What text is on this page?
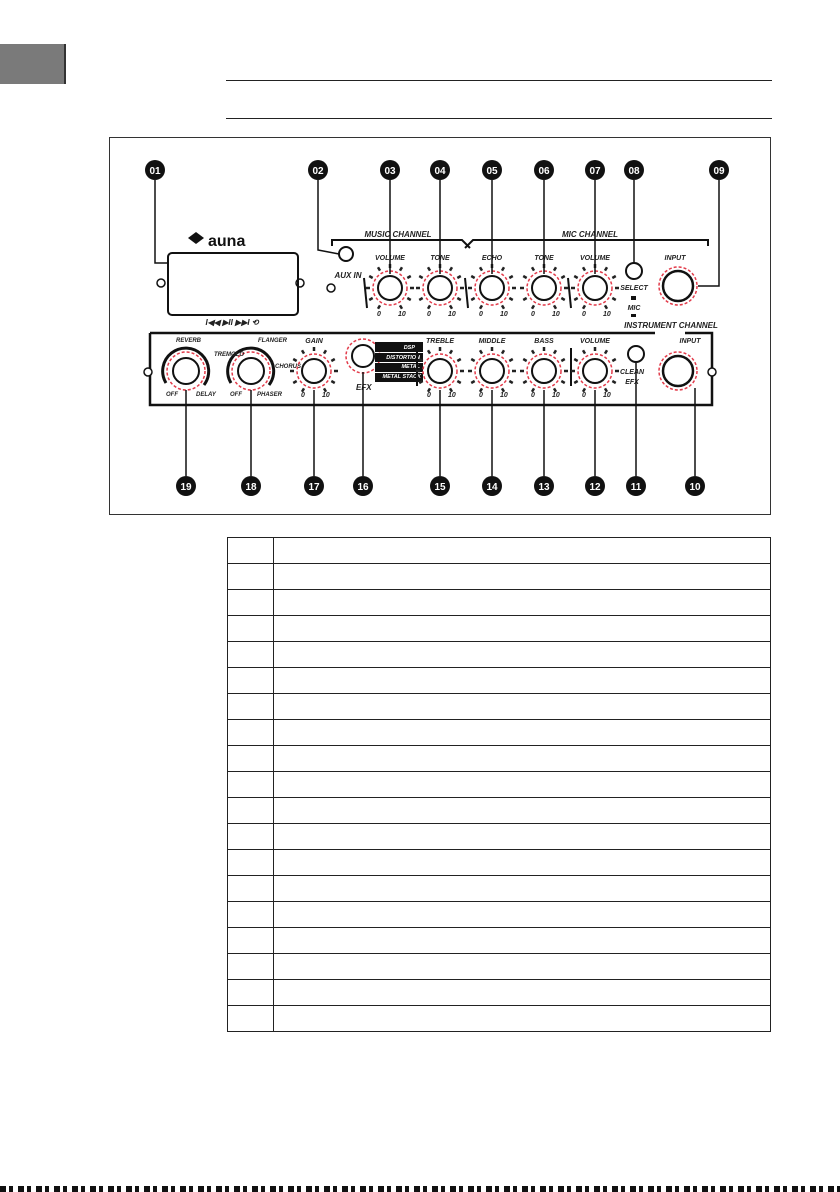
I◀◀ ▶II ▶▶I ⟲
auna
AUX IN
MUSIC CHANNEL	MIC CHANNEL
VOLUME	TONE	ECHO	TONE	VOLUME
0 10	0 10	0 10	0 10	0 10
SELECT
MIC
INPUT
INSTRUMENT CHANNEL
REVERB
OFF	DELAY
FLANGER
TREMOLO
CHORUS
OFF	PHASER
GAIN
DSP
DISTORTION
METAL
METAL STACK
EFX
TREBLE	MIDDLE	BASS	VOLUME
0 10	0 10	0 10	0 10	0 10
CLEAN
EFX
INPUT
01	02	03	04	05	06	07	08	09
19	18	17	16	15	14	13	12	11	10
